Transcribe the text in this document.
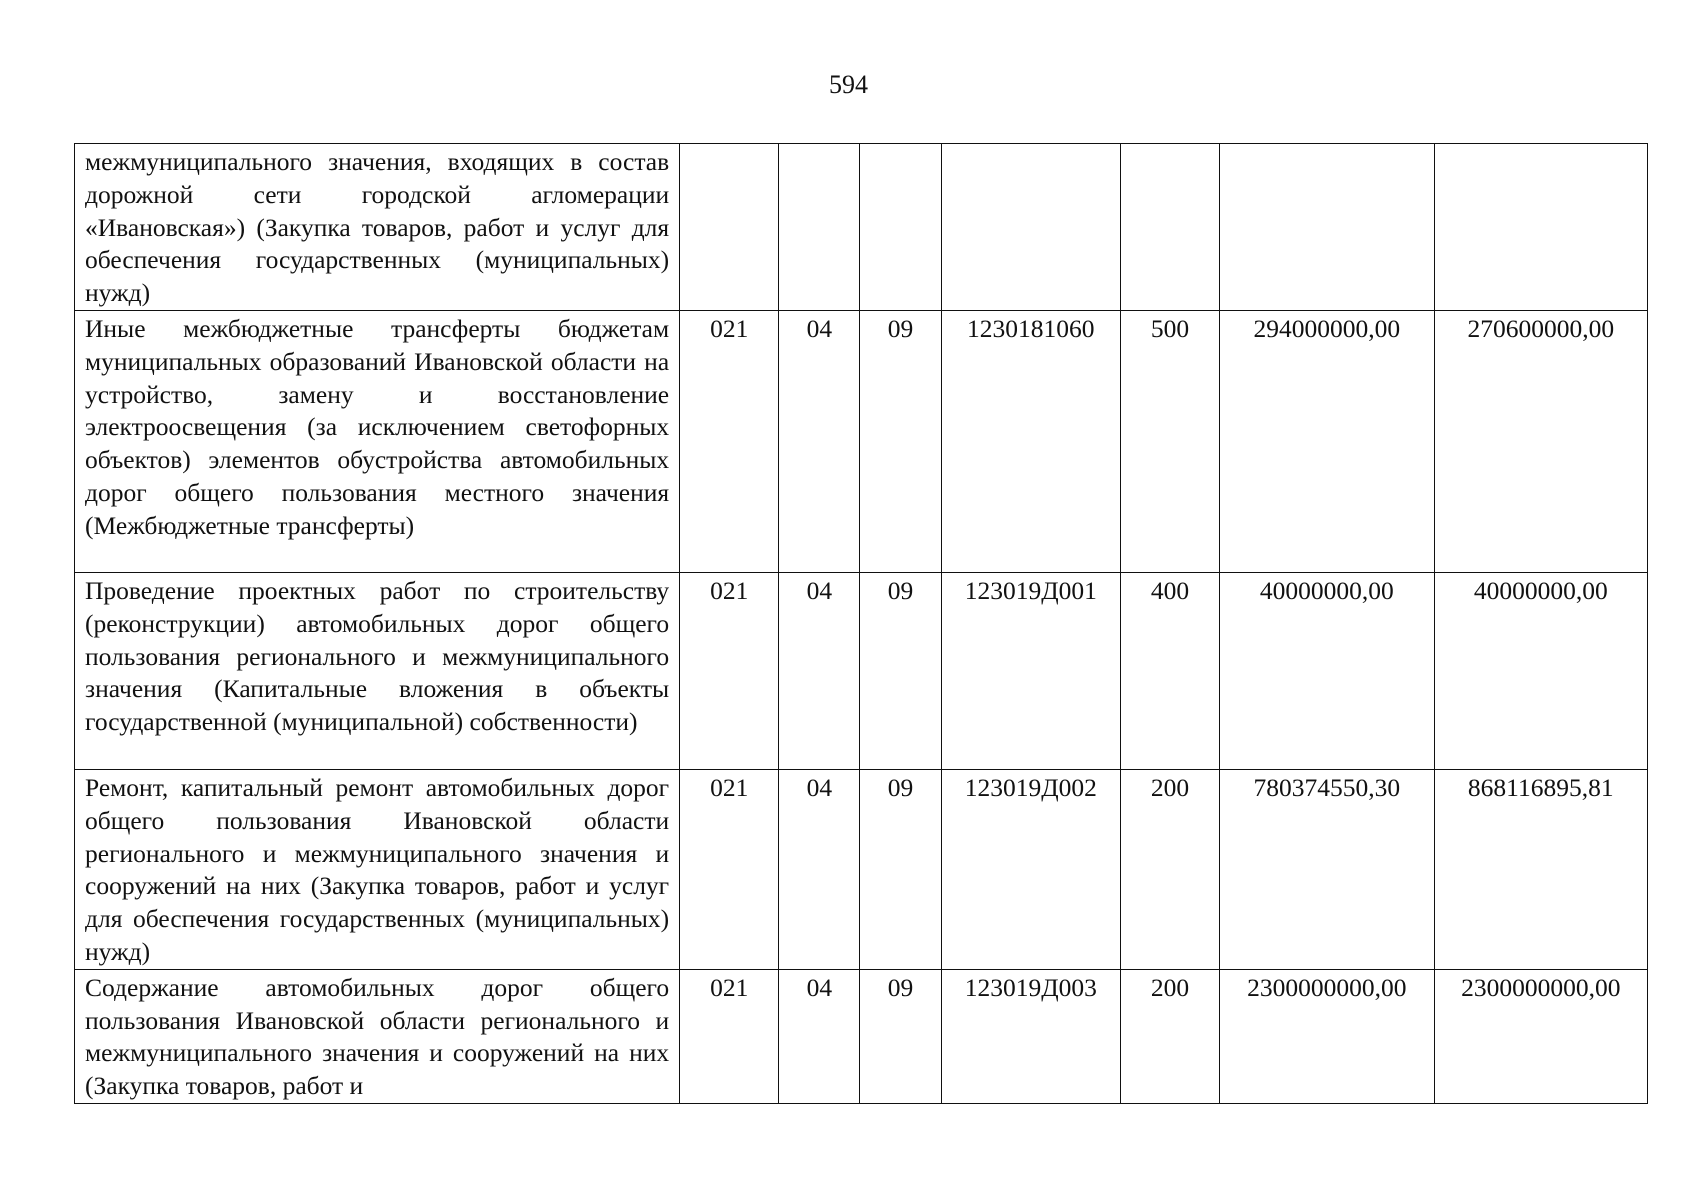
594
межмуниципального значения, входящих в состав дорожной сети городской агломерации «Ивановская») (Закупка товаров, работ и услуг для обеспечения государственных (муниципальных) нужд)							
Иные межбюджетные трансферты бюджетам муниципальных образований Ивановской области на устройство, замену и восстановление электроосвещения (за исключением светофорных объектов) элементов обустройства автомобильных дорог общего пользования местного значения (Межбюджетные трансферты)	021	04	09	1230181060	500	294000000,00	270600000,00
Проведение проектных работ по строительству (реконструкции) автомобильных дорог общего пользования регионального и межмуниципального значения (Капитальные вложения в объекты государственной (муниципальной) собственности)	021	04	09	123019Д001	400	40000000,00	40000000,00
Ремонт, капитальный ремонт автомобильных дорог общего пользования Ивановской области регионального и межмуниципального значения и сооружений на них (Закупка товаров, работ и услуг для обеспечения государственных (муниципальных) нужд)	021	04	09	123019Д002	200	780374550,30	868116895,81
Содержание автомобильных дорог общего пользования Ивановской области регионального и межмуниципального значения и сооружений на них (Закупка товаров, работ и	021	04	09	123019Д003	200	2300000000,00	2300000000,00
